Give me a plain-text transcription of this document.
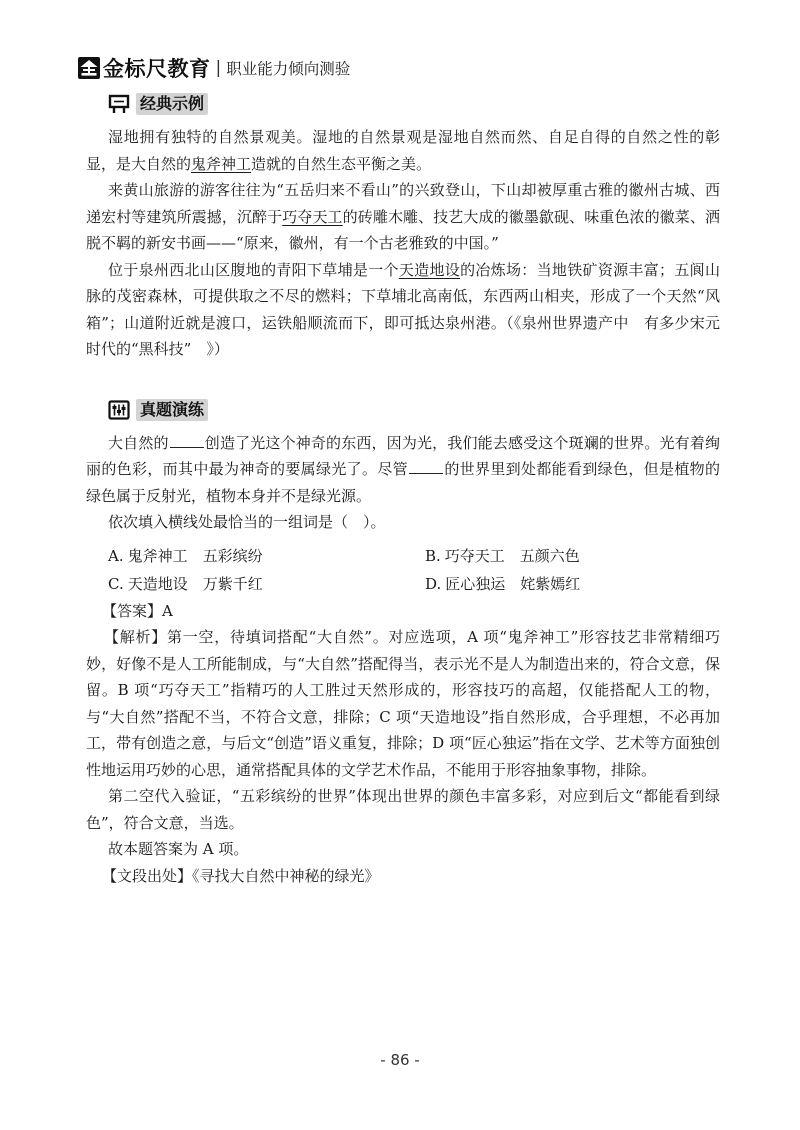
金标尺教育 | 职业能力倾向测验
经典示例

湿地拥有独特的自然景观美。湿地的自然景观是湿地自然而然、自足自得的自然之性的彰显，是大自然的鬼斧神工造就的自然生态平衡之美。

来黄山旅游的游客往往为“五岳归来不看山”的兴致登山，下山却被厚重古雅的徽州古城、西递宏村等建筑所震撼，沉醉于巧夺天工的砖雕木雕、技艺大成的徽墨歙砚、味重色浓的徽菜、洒脱不羁的新安书画——“原来，徽州，有一个古老雅致的中国。”

位于泉州西北山区腹地的青阳下草埔是一个天造地设的冶炼场：当地铁矿资源丰富；五阆山脉的茂密森林，可提供取之不尽的燃料；下草埔北高南低，东西两山相夹，形成了一个天然“风箱”；山道附近就是渡口，运铁船顺流而下，即可抵达泉州港。（《泉州世界遗产中　有多少宋元时代的“黑科技”　》）

真题演练

大自然的 创造了光这个神奇的东西，因为光，我们能去感受这个斑斓的世界。光有着绚丽的色彩，而其中最为神奇的要属绿光了。尽管 的世界里到处都能看到绿色，但是植物的绿色属于反射光，植物本身并不是绿光源。

依次填入横线处最恰当的一组词是（　）。

A. 鬼斧神工　五彩缤纷	B. 巧夺天工　五颜六色
C. 天造地设　万紫千红	D. 匠心独运　姹紫嫣红

【答案】A

【解析】第一空，待填词搭配“大自然”。对应选项，A 项“鬼斧神工”形容技艺非常精细巧妙，好像不是人工所能制成，与“大自然”搭配得当，表示光不是人为制造出来的，符合文意，保留。B 项“巧夺天工”指精巧的人工胜过天然形成的，形容技巧的高超，仅能搭配人工的物，与“大自然”搭配不当，不符合文意，排除；C 项“天造地设”指自然形成，合乎理想，不必再加工，带有创造之意，与后文“创造”语义重复，排除；D 项“匠心独运”指在文学、艺术等方面独创性地运用巧妙的心思，通常搭配具体的文学艺术作品，不能用于形容抽象事物，排除。

第二空代入验证，“五彩缤纷的世界”体现出世界的颜色丰富多彩，对应到后文“都能看到绿色”，符合文意，当选。

故本题答案为 A 项。

【文段出处】《寻找大自然中神秘的绿光》

- 86 -
